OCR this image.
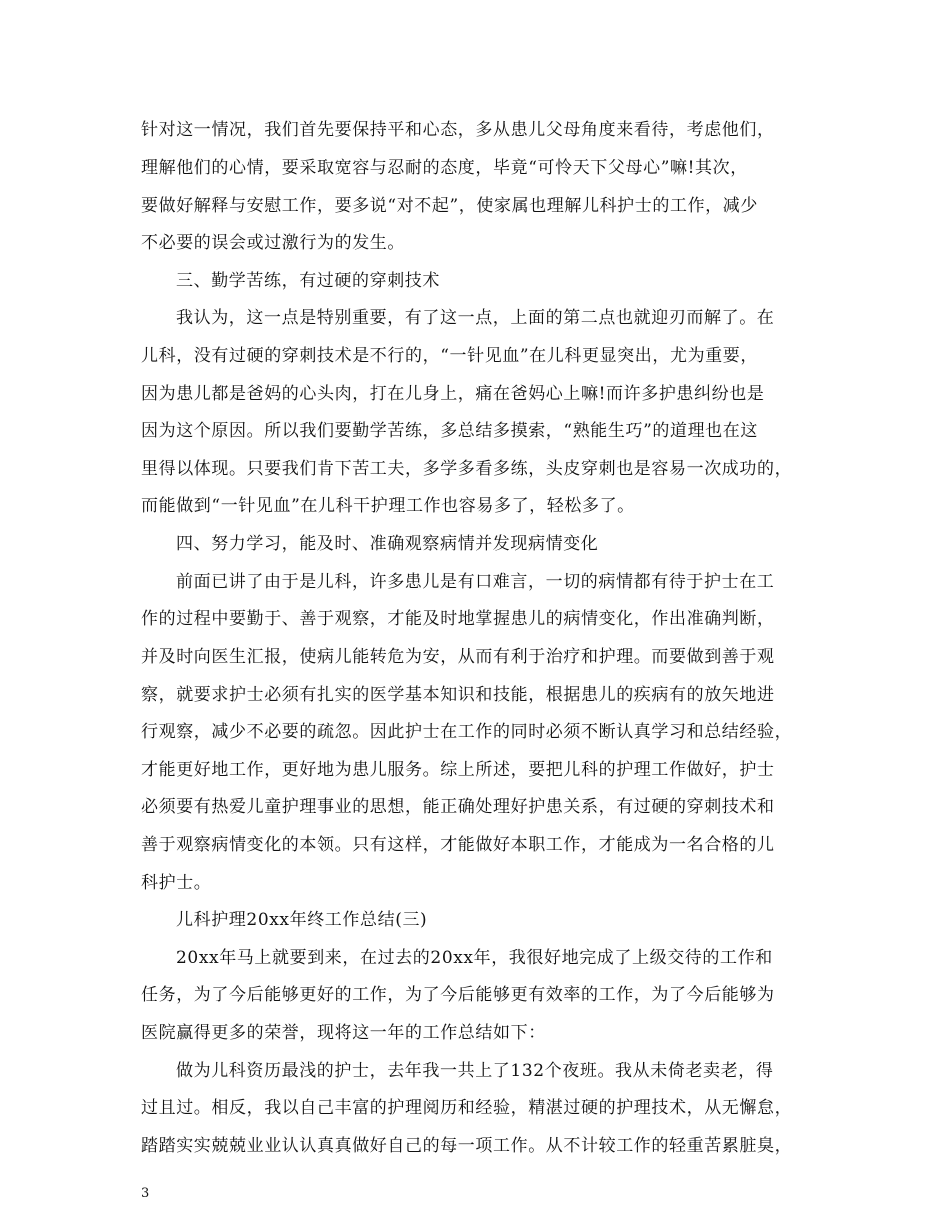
针对这一情况，我们首先要保持平和心态，多从患儿父母角度来看待，考虑他们，
理解他们的心情，要采取宽容与忍耐的态度，毕竟“可怜天下父母心”嘛!其次，
要做好解释与安慰工作，要多说“对不起”，使家属也理解儿科护士的工作，减少
不必要的误会或过激行为的发生。
三、勤学苦练，有过硬的穿刺技术
我认为，这一点是特别重要，有了这一点，上面的第二点也就迎刃而解了。在
儿科，没有过硬的穿刺技术是不行的，“一针见血”在儿科更显突出，尤为重要，
因为患儿都是爸妈的心头肉，打在儿身上，痛在爸妈心上嘛!而许多护患纠纷也是
因为这个原因。所以我们要勤学苦练，多总结多摸索，“熟能生巧”的道理也在这
里得以体现。只要我们肯下苦工夫，多学多看多练，头皮穿刺也是容易一次成功的，
而能做到“一针见血”在儿科干护理工作也容易多了，轻松多了。
四、努力学习，能及时、准确观察病情并发现病情变化
前面已讲了由于是儿科，许多患儿是有口难言，一切的病情都有待于护士在工
作的过程中要勤于、善于观察，才能及时地掌握患儿的病情变化，作出准确判断，
并及时向医生汇报，使病儿能转危为安，从而有利于治疗和护理。而要做到善于观
察，就要求护士必须有扎实的医学基本知识和技能，根据患儿的疾病有的放矢地进
行观察，减少不必要的疏忽。因此护士在工作的同时必须不断认真学习和总结经验，
才能更好地工作，更好地为患儿服务。综上所述，要把儿科的护理工作做好，护士
必须要有热爱儿童护理事业的思想，能正确处理好护患关系，有过硬的穿刺技术和
善于观察病情变化的本领。只有这样，才能做好本职工作，才能成为一名合格的儿
科护士。
儿科护理20xx年终工作总结(三)
20xx年马上就要到来，在过去的20xx年，我很好地完成了上级交待的工作和
任务，为了今后能够更好的工作，为了今后能够更有效率的工作，为了今后能够为
医院赢得更多的荣誉，现将这一年的工作总结如下：
做为儿科资历最浅的护士，去年我一共上了132个夜班。我从未倚老卖老，得
过且过。相反，我以自己丰富的护理阅历和经验，精湛过硬的护理技术，从无懈怠，
踏踏实实兢兢业业认认真真做好自己的每一项工作。从不计较工作的轻重苦累脏臭，
3
